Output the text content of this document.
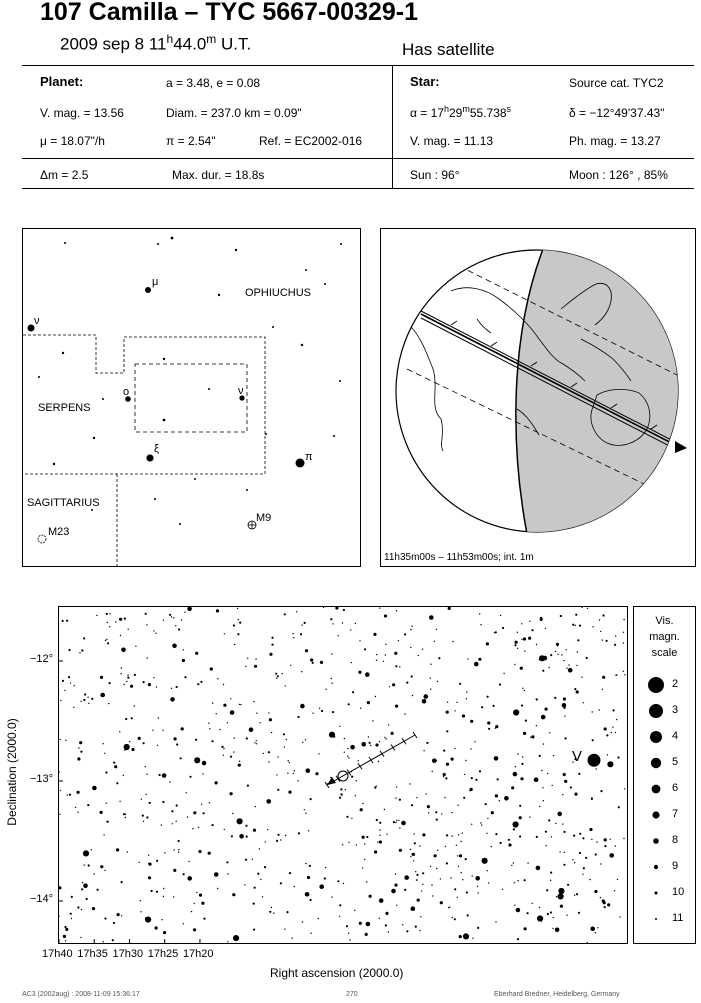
107 Camilla – TYC 5667-00329-1
2009 sep 8 11$^h$44.0$^m$ U.T.	Has satellite
Planet:	a = 3.48, e = 0.08
V. mag. = 13.56	Diam. = 237.0 km = 0.09"
μ = 18.07"/h	π = 2.54"	Ref. = EC2002-016
Star:	Source cat. TYC2
$\alpha = 17^h29^m55.738^s$	δ = −12°49'37.43"
V. mag. = 11.13	Ph. mag. = 13.27
Δm = 2.5	Max. dur. = 18.8s	Sun : 96°	Moon : 126° , 85%
OPHIUCHUS
SERPENS
SAGITTARIUS
μ
ν
o	ν
ξ
π
M23
M9
11h35m00s – 11h53m00s; int. 1m
V
17h40 17h35 17h30 17h25 17h20
−12°
−13°
−14°
Right ascension (2000.0)
Declination (2000.0)
Vis.
magn.
scale
2
3
4
5
6
7
8
9
10
11
AC3 (2002aug) : 2008-11-09 15:36:17	270	Eberhard Bredner, Heidelberg, Germany
